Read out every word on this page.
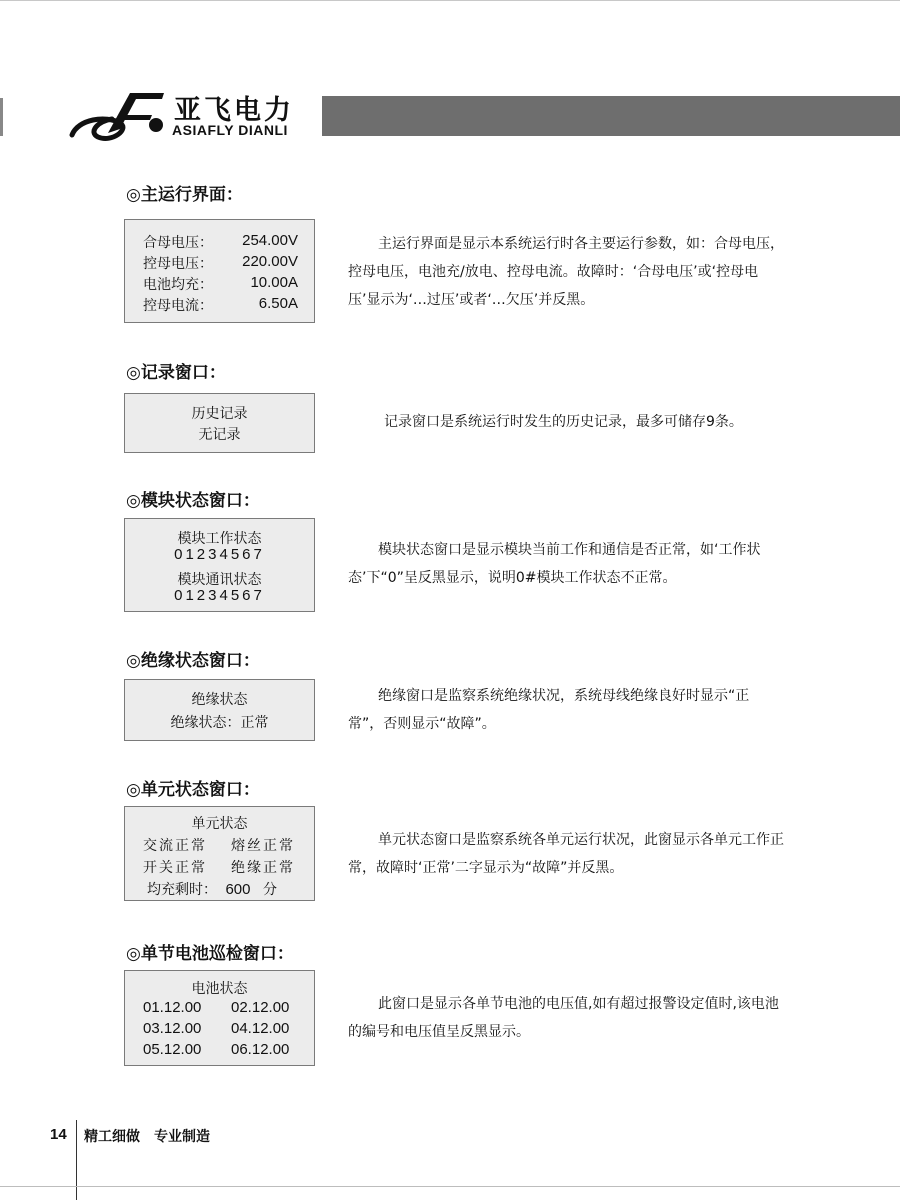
亚飞电力
ASIAFLY DIANLI
◎主运行界面：
合母电压： 254.00V
控母电压： 220.00V
电池均充： 10.00A
控母电流：	6.50A
主运行界面是显示本系统运行时各主要运行参数，如：合母电压，控母电压，电池充/放电、控母电流。故障时：‘合母电压’或‘控母电压’显示为‘…过压’或者‘…欠压’并反黑。
◎记录窗口：
历史记录
无记录
记录窗口是系统运行时发生的历史记录，最多可储存9条。
◎模块状态窗口：
模块工作状态
01234567
模块通讯状态
01234567
模块状态窗口是显示模块当前工作和通信是否正常，如‘工作状态’下“0”呈反黑显示，说明0#模块工作状态不正常。
◎绝缘状态窗口：
绝缘状态
绝缘状态：正常
绝缘窗口是监察系统绝缘状况，系统母线绝缘良好时显示“正常”，否则显示“故障”。
◎单元状态窗口：
单元状态
交流正常 熔丝正常
开关正常 绝缘正常
均充剩时： 600 分
单元状态窗口是监察系统各单元运行状况，此窗显示各单元工作正常，故障时‘正常’二字显示为“故障”并反黑。
◎单节电池巡检窗口：
电池状态
01.12.00 02.12.00
03.12.00 04.12.00
05.12.00 06.12.00
此窗口是显示各单节电池的电压值,如有超过报警设定值时,该电池的编号和电压值呈反黑显示。
14 精工细做　专业制造
